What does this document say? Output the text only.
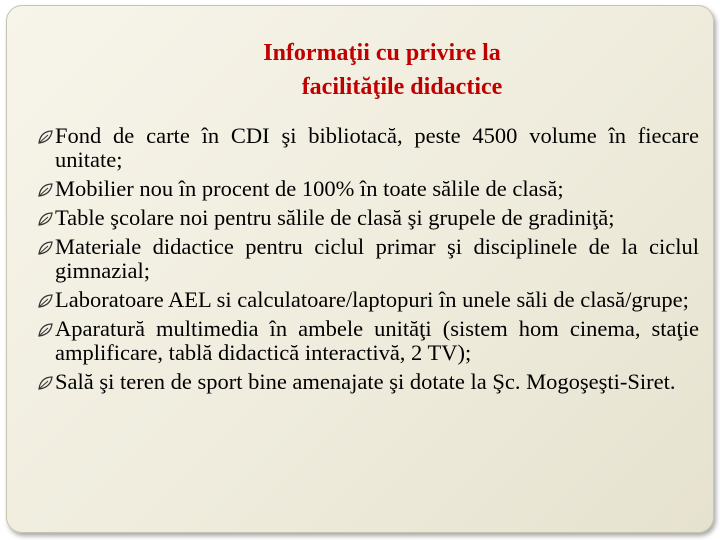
Informaţii cu privire la
facilităţile didactice
Fond de carte în CDI şi bibliotacă, peste 4500 volume în fiecare unitate;
Mobilier nou în procent de 100% în toate sălile de clasă;
Table şcolare noi pentru sălile de clasă şi grupele de gradiniţă;
Materiale didactice pentru ciclul primar şi disciplinele de la ciclul gimnazial;
Laboratoare AEL si calculatoare/laptopuri în unele săli de clasă/grupe;
Aparatură multimedia în ambele unităţi (sistem hom cinema, staţie amplificare, tablă didactică interactivă, 2 TV);
Sală şi teren de sport bine amenajate şi dotate la Şc. Mogoşeşti-Siret.
